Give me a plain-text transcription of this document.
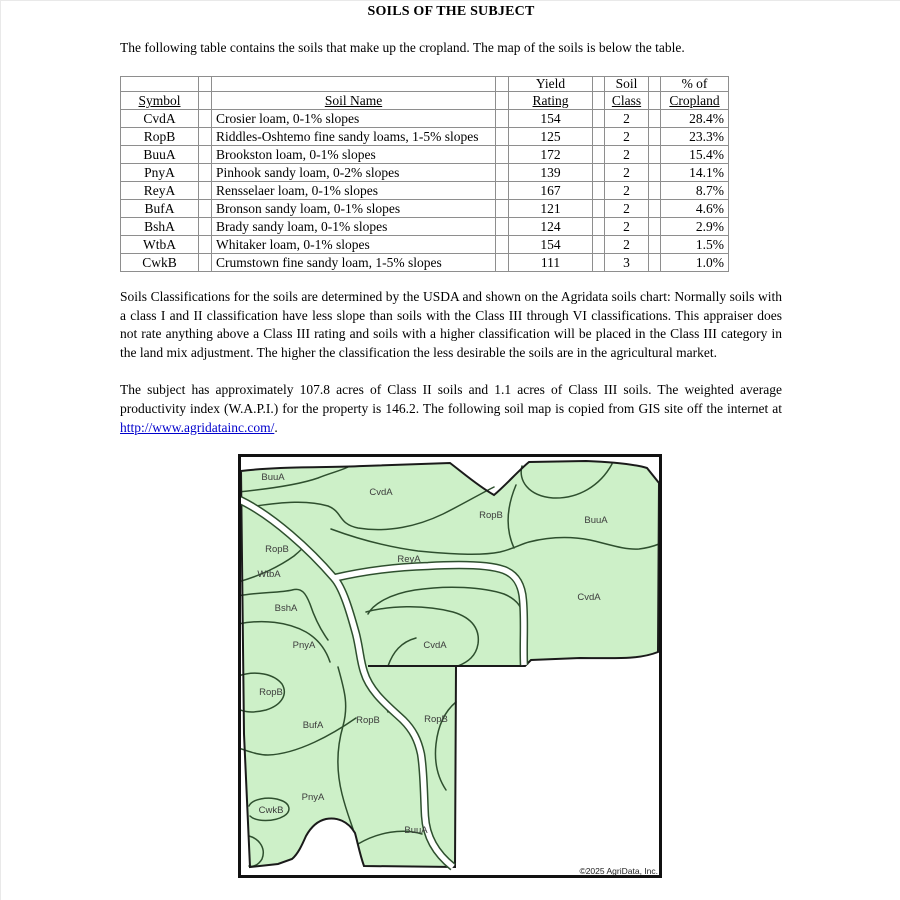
SOILS OF THE SUBJECT

The following table contains the soils that make up the cropland. The map of the soils is below the table.

				Yield		Soil		% of
Symbol		Soil Name		Rating		Class		Cropland
CvdA		Crosier loam, 0-1% slopes		154		2		28.4%
RopB		Riddles-Oshtemo fine sandy loams, 1-5% slopes		125		2		23.3%
BuuA		Brookston loam, 0-1% slopes		172		2		15.4%
PnyA		Pinhook sandy loam, 0-2% slopes		139		2		14.1%
ReyA		Rensselaer loam, 0-1% slopes		167		2		8.7%
BufA		Bronson sandy loam, 0-1% slopes		121		2		4.6%
BshA		Brady sandy loam, 0-1% slopes		124		2		2.9%
WtbA		Whitaker loam, 0-1% slopes		154		2		1.5%
CwkB		Crumstown fine sandy loam, 1-5% slopes		111		3		1.0%

Soils Classifications for the soils are determined by the USDA and shown on the Agridata soils chart: Normally soils with a class I and II classification have less slope than soils with the Class III through VI classifications. This appraiser does not rate anything above a Class III rating and soils with a higher classification will be placed in the Class III category in the land mix adjustment. The higher the classification the less desirable the soils are in the agricultural market.

The subject has approximately 107.8 acres of Class II soils and 1.1 acres of Class III soils. The weighted average productivity index (W.A.P.I.) for the property is 146.2. The following soil map is copied from GIS site off the internet at http://www.agridatainc.com/.

BuuA
CvdA
RopB	BuuA
RopB
ReyA
WtbA
CvdA
BshA
PnyA	CvdA
RopB
BufA	RopB	RopB
PnyA
CwkB
BuuA
©2025 AgriData, Inc.
